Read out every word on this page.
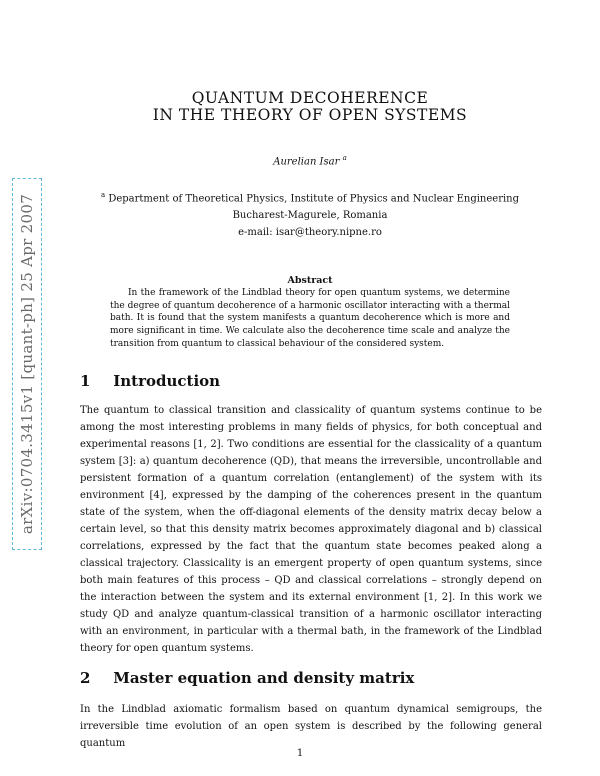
arXiv:0704.3415v1 [quant-ph] 25 Apr 2007
QUANTUM DECOHERENCE
IN THE THEORY OF OPEN SYSTEMS
Aurelian Isar $^a$
$^a$ Department of Theoretical Physics, Institute of Physics and Nuclear Engineering
Bucharest-Magurele, Romania
e-mail: isar@theory.nipne.ro
Abstract
In the framework of the Lindblad theory for open quantum systems, we determine the degree of quantum decoherence of a harmonic oscillator interacting with a thermal bath. It is found that the system manifests a quantum decoherence which is more and more significant in time. We calculate also the decoherence time scale and analyze the transition from quantum to classical behaviour of the considered system.
1 Introduction
The quantum to classical transition and classicality of quantum systems continue to be among the most interesting problems in many fields of physics, for both conceptual and experimental reasons [1, 2]. Two conditions are essential for the classicality of a quantum system [3]: a) quantum decoherence (QD), that means the irreversible, uncontrollable and persistent formation of a quantum correlation (entanglement) of the system with its environment [4], expressed by the damping of the coherences present in the quantum state of the system, when the off-diagonal elements of the density matrix decay below a certain level, so that this density matrix becomes approximately diagonal and b) classical correlations, expressed by the fact that the quantum state becomes peaked along a classical trajectory. Classicality is an emergent property of open quantum systems, since both main features of this process – QD and classical correlations – strongly depend on the interaction between the system and its external environment [1, 2]. In this work we study QD and analyze quantum-classical transition of a harmonic oscillator interacting with an environment, in particular with a thermal bath, in the framework of the Lindblad theory for open quantum systems.
2 Master equation and density matrix
In the Lindblad axiomatic formalism based on quantum dynamical semigroups, the irreversible time evolution of an open system is described by the following general quantum
1
